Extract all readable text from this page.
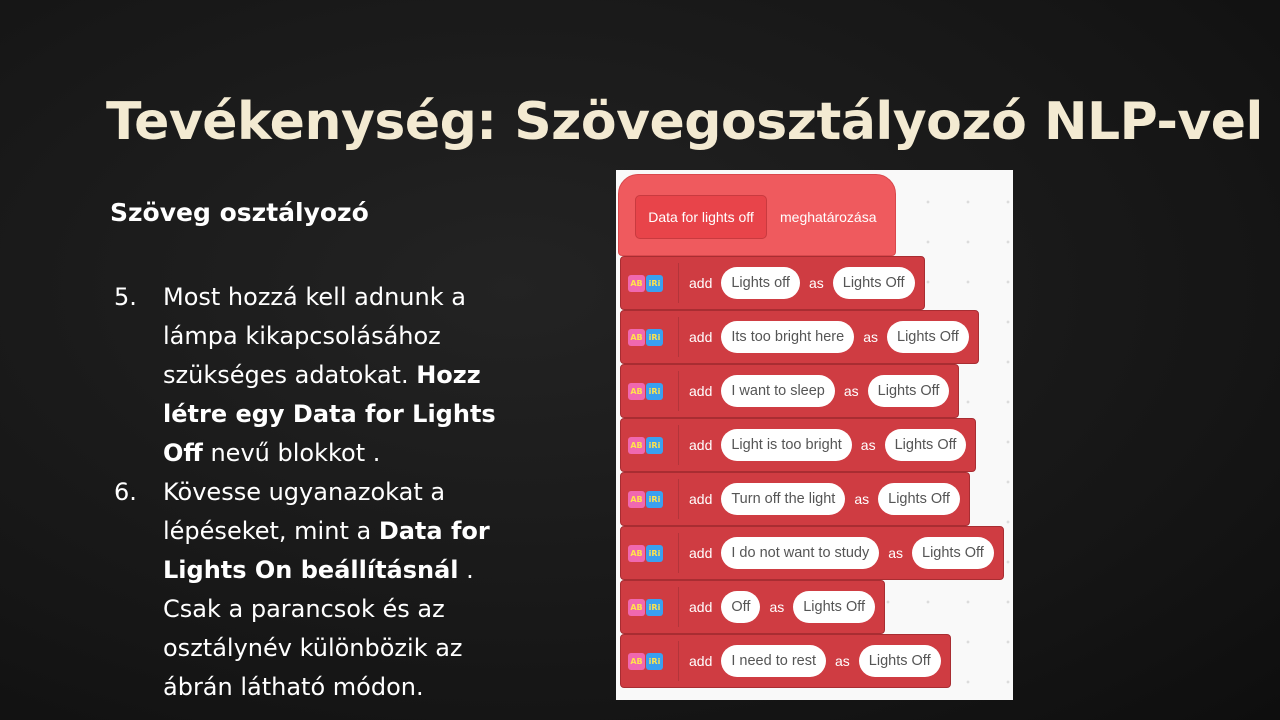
Tevékenység: Szövegosztályozó NLP-vel
Szöveg osztályozó
5.	Most hozzá kell adnunk a lámpa kikapcsolásához szükséges adatokat. Hozz létre egy Data for Lights Off nevű blokkot .
6.	Kövesse ugyanazokat a lépéseket, mint a Data for Lights On beállításnál . Csak a parancsok és az osztálynév különbözik az ábrán látható módon.
Data for lights off	meghatározása
AB iRi add	Lights off	as	Lights Off
AB iRi add	Its too bright here	as	Lights Off
AB iRi add	I want to sleep	as	Lights Off
AB iRi add	Light is too bright	as	Lights Off
AB iRi add	Turn off the light	as	Lights Off
AB iRi add	I do not want to study	as	Lights Off
AB iRi add	Off	as	Lights Off
AB iRi add	I need to rest	as	Lights Off
